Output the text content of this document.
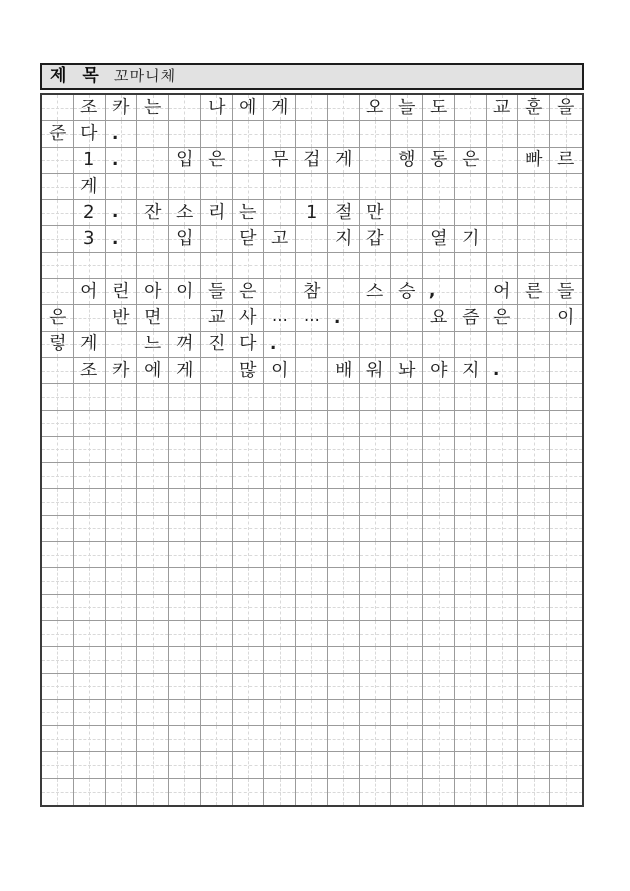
제 목 꼬마니체
조 카 는	나 에 게	오 늘 도	교 훈 을
준 다 .
1 .	입 은	무 겁 게	행 동 은	빠 르
게
2 . 잔 소 리 는	1 절 만
3 .	입	닫 고	지 갑	열 기
어 린 아 이 들 은	참	스 승 ,	어 른 들
은	반 면	교 사 … … .	요 즘 은	이
렇 게	느 껴 진 다 .
조 카 에 게	많 이	배 워 놔 야 지 .
